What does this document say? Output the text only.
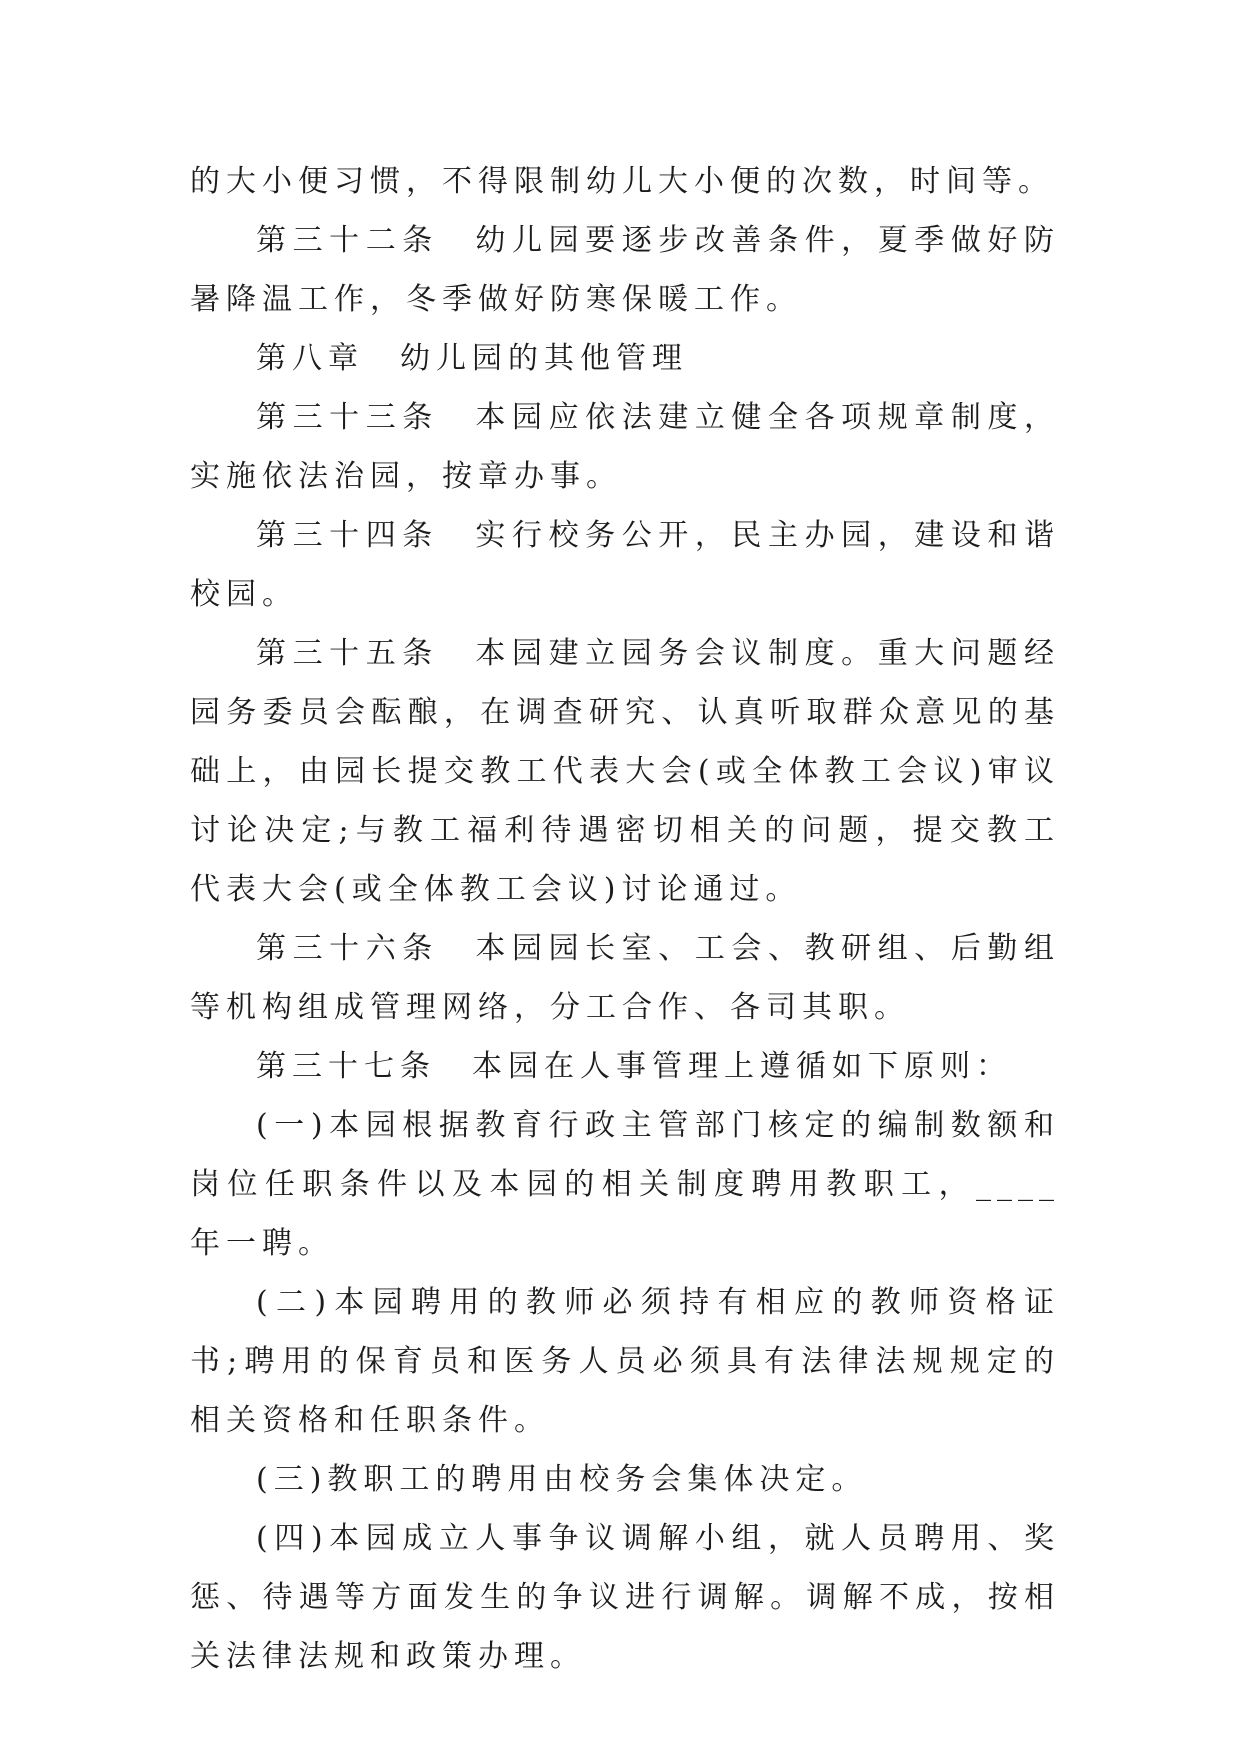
的大小便习惯，不得限制幼儿大小便的次数，时间等。

第三十二条　幼儿园要逐步改善条件，夏季做好防暑降温工作，冬季做好防寒保暖工作。

第八章　幼儿园的其他管理

第三十三条　本园应依法建立健全各项规章制度，实施依法治园，按章办事。

第三十四条　实行校务公开，民主办园，建设和谐校园。

第三十五条　本园建立园务会议制度。重大问题经园务委员会酝酿，在调查研究、认真听取群众意见的基础上，由园长提交教工代表大会(或全体教工会议)审议讨论决定;与教工福利待遇密切相关的问题，提交教工代表大会(或全体教工会议)讨论通过。

第三十六条　本园园长室、工会、教研组、后勤组等机构组成管理网络，分工合作、各司其职。

第三十七条　本园在人事管理上遵循如下原则：

(一)本园根据教育行政主管部门核定的编制数额和岗位任职条件以及本园的相关制度聘用教职工，____年一聘。

(二)本园聘用的教师必须持有相应的教师资格证书;聘用的保育员和医务人员必须具有法律法规规定的相关资格和任职条件。

(三)教职工的聘用由校务会集体决定。

(四)本园成立人事争议调解小组，就人员聘用、奖惩、待遇等方面发生的争议进行调解。调解不成，按相关法律法规和政策办理。
